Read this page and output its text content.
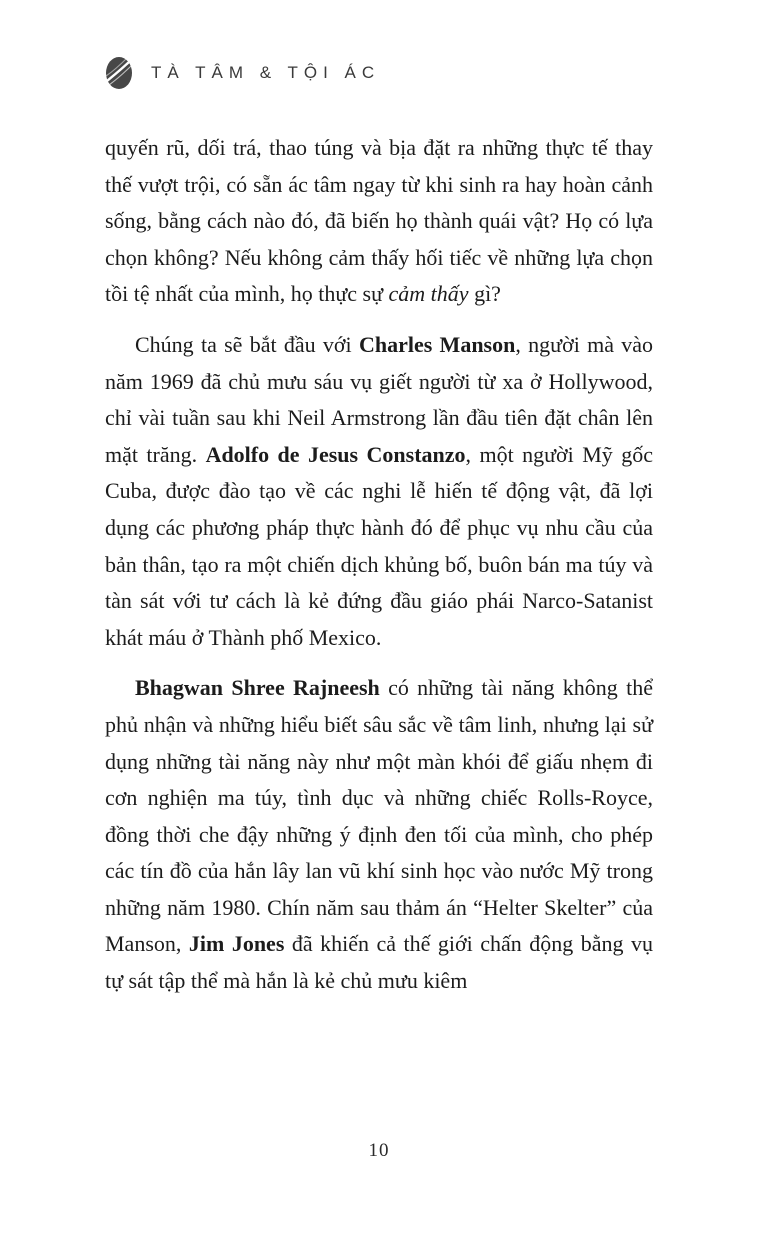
TÀ TÂM & TỘI ÁC

quyến rũ, dối trá, thao túng và bịa đặt ra những thực tế thay thế vượt trội, có sẵn ác tâm ngay từ khi sinh ra hay hoàn cảnh sống, bằng cách nào đó, đã biến họ thành quái vật? Họ có lựa chọn không? Nếu không cảm thấy hối tiếc về những lựa chọn tồi tệ nhất của mình, họ thực sự cảm thấy gì?

Chúng ta sẽ bắt đầu với Charles Manson, người mà vào năm 1969 đã chủ mưu sáu vụ giết người từ xa ở Hollywood, chỉ vài tuần sau khi Neil Armstrong lần đầu tiên đặt chân lên mặt trăng. Adolfo de Jesus Constanzo, một người Mỹ gốc Cuba, được đào tạo về các nghi lễ hiến tế động vật, đã lợi dụng các phương pháp thực hành đó để phục vụ nhu cầu của bản thân, tạo ra một chiến dịch khủng bố, buôn bán ma túy và tàn sát với tư cách là kẻ đứng đầu giáo phái Narco-Satanist khát máu ở Thành phố Mexico.

Bhagwan Shree Rajneesh có những tài năng không thể phủ nhận và những hiểu biết sâu sắc về tâm linh, nhưng lại sử dụng những tài năng này như một màn khói để giấu nhẹm đi cơn nghiện ma túy, tình dục và những chiếc Rolls-Royce, đồng thời che đậy những ý định đen tối của mình, cho phép các tín đồ của hắn lây lan vũ khí sinh học vào nước Mỹ trong những năm 1980. Chín năm sau thảm án “Helter Skelter” của Manson, Jim Jones đã khiến cả thế giới chấn động bằng vụ tự sát tập thể mà hắn là kẻ chủ mưu kiêm

10
